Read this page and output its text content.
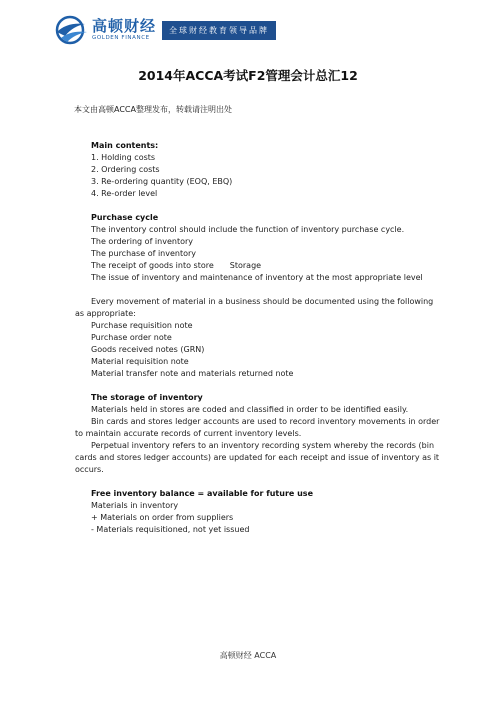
高顿财经
GOLDEN FINANCE
全球财经教育领导品牌
2014年ACCA考试F2管理会计总汇12
本文由高顿ACCA整理发布，转载请注明出处
Main contents:
1. Holding costs
2. Ordering costs
3. Re-ordering quantity (EOQ, EBQ)
4. Re-order level
Purchase cycle
The inventory control should include the function of inventory purchase cycle.
The ordering of inventory
The purchase of inventory
The receipt of goods into store Storage
The issue of inventory and maintenance of inventory at the most appropriate level
Every movement of material in a business should be documented using the following
as appropriate:
Purchase requisition note
Purchase order note
Goods received notes (GRN)
Material requisition note
Material transfer note and materials returned note
The storage of inventory
Materials held in stores are coded and classified in order to be identified easily.
Bin cards and stores ledger accounts are used to record inventory movements in order
to maintain accurate records of current inventory levels.
Perpetual inventory refers to an inventory recording system whereby the records (bin
cards and stores ledger accounts) are updated for each receipt and issue of inventory as it
occurs.
Free inventory balance = available for future use
Materials in inventory
+ Materials on order from suppliers
- Materials requisitioned, not yet issued
高顿财经 ACCA
